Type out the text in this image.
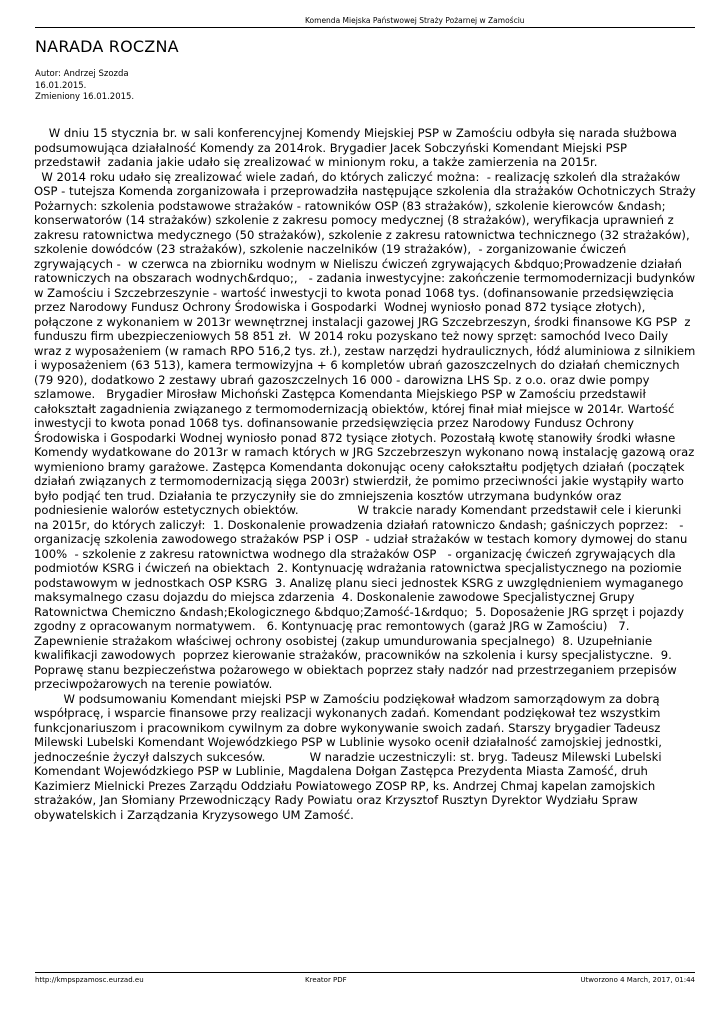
Komenda Miejska Państwowej Straży Pożarnej w Zamościu
NARADA ROCZNA
Autor: Andrzej Szozda
16.01.2015.
Zmieniony 16.01.2015.

W dniu 15 stycznia br. w sali konferencyjnej Komendy Miejskiej PSP w Zamościu odbyła się narada służbowa podsumowująca działalność Komendy za 2014rok. Brygadier Jacek Sobczyński Komendant Miejski PSP przedstawił  zadania jakie udało się zrealizować w minionym roku, a także zamierzenia na 2015r.

W 2014 roku udało się zrealizować wiele zadań, do których zaliczyć można:  - realizację szkoleń dla strażaków OSP - tutejsza Komenda zorganizowała i przeprowadziła następujące szkolenia dla strażaków Ochotniczych Straży Pożarnych: szkolenia podstawowe strażaków - ratowników OSP (83 strażaków), szkolenie kierowców &ndash; konserwatorów (14 strażaków) szkolenie z zakresu pomocy medycznej (8 strażaków), weryfikacja uprawnień z zakresu ratownictwa medycznego (50 strażaków), szkolenie z zakresu ratownictwa technicznego (32 strażaków), szkolenie dowódców (23 strażaków), szkolenie naczelników (19 strażaków),  - zorganizowanie ćwiczeń zgrywających -  w czerwca na zbiorniku wodnym w Nieliszu ćwiczeń zgrywających &bdquo;Prowadzenie działań ratowniczych na obszarach wodnych&rdquo;,   - zadania inwestycyjne: zakończenie termomodernizacji budynków w Zamościu i Szczebrzeszynie - wartość inwestycji to kwota ponad 1068 tys. (dofinansowanie przedsięwzięcia przez Narodowy Fundusz Ochrony Środowiska i Gospodarki  Wodnej wyniosło ponad 872 tysiące złotych), połączone z wykonaniem w 2013r wewnętrznej instalacji gazowej JRG Szczebrzeszyn, środki finansowe KG PSP  z funduszu firm ubezpieczeniowych 58 851 zł.  W 2014 roku pozyskano też nowy sprzęt: samochód Iveco Daily wraz z wyposażeniem (w ramach RPO 516,2 tys. zł.), zestaw narzędzi hydraulicznych, łódź aluminiowa z silnikiem i wyposażeniem (63 513), kamera termowizyjna + 6 kompletów ubrań gazoszczelnych do działań chemicznych (79 920), dodatkowo 2 zestawy ubrań gazoszczelnych 16 000 - darowizna LHS Sp. z o.o. oraz dwie pompy szlamowe.   Brygadier Mirosław Michoński Zastępca Komendanta Miejskiego PSP w Zamościu przedstawił całokształt zagadnienia związanego z termomodernizacją obiektów, której finał miał miejsce w 2014r. Wartość inwestycji to kwota ponad 1068 tys. dofinansowanie przedsięwzięcia przez Narodowy Fundusz Ochrony Środowiska i Gospodarki Wodnej wyniosło ponad 872 tysiące złotych. Pozostałą kwotę stanowiły środki własne Komendy wydatkowane do 2013r w ramach których w JRG Szczebrzeszyn wykonano nową instalację gazową oraz wymieniono bramy garażowe. Zastępca Komendanta dokonując oceny całokształtu podjętych działań (początek działań związanych z termomodernizacją sięga 2003r) stwierdził, że pomimo przeciwności jakie wystąpiły warto było podjąć ten trud. Działania te przyczyniły sie do zmniejszenia kosztów utrzymana budynków oraz podniesienie walorów estetycznych obiektów.                W trakcie narady Komendant przedstawił cele i kierunki na 2015r, do których zaliczył:  1. Doskonalenie prowadzenia działań ratowniczo &ndash; gaśniczych poprzez:   - organizację szkolenia zawodowego strażaków PSP i OSP  - udział strażaków w testach komory dymowej do stanu 100%  - szkolenie z zakresu ratownictwa wodnego dla strażaków OSP   - organizację ćwiczeń zgrywających dla podmiotów KSRG i ćwiczeń na obiektach  2. Kontynuację wdrażania ratownictwa specjalistycznego na poziomie podstawowym w jednostkach OSP KSRG  3. Analizę planu sieci jednostek KSRG z uwzględnieniem wymaganego maksymalnego czasu dojazdu do miejsca zdarzenia  4. Doskonalenie zawodowe Specjalistycznej Grupy Ratownictwa Chemiczno &ndash;Ekologicznego &bdquo;Zamość-1&rdquo;  5. Doposażenie JRG sprzęt i pojazdy zgodny z opracowanym normatywem.   6. Kontynuację prac remontowych (garaż JRG w Zamościu)   7. Zapewnienie strażakom właściwej ochrony osobistej (zakup umundurowania specjalnego)  8. Uzupełnianie kwalifikacji zawodowych  poprzez kierowanie strażaków, pracowników na szkolenia i kursy specjalistyczne.  9. Poprawę stanu bezpieczeństwa pożarowego w obiektach poprzez stały nadzór nad przestrzeganiem przepisów przeciwpożarowych na terenie powiatów.

W podsumowaniu Komendant miejski PSP w Zamościu podziękował władzom samorządowym za dobrą współpracę, i wsparcie finansowe przy realizacji wykonanych zadań. Komendant podziękował tez wszystkim funkcjonariuszom i pracownikom cywilnym za dobre wykonywanie swoich zadań. Starszy brygadier Tadeusz Milewski Lubelski Komendant Wojewódzkiego PSP w Lublinie wysoko ocenił działalność zamojskiej jednostki, jednocześnie życzył dalszych sukcesów.            W naradzie uczestniczyli: st. bryg. Tadeusz Milewski Lubelski Komendant Wojewódzkiego PSP w Lublinie, Magdalena Dołgan Zastępca Prezydenta Miasta Zamość, druh Kazimierz Mielnicki Prezes Zarządu Oddziału Powiatowego ZOSP RP, ks. Andrzej Chmaj kapelan zamojskich strażaków, Jan Słomiany Przewodniczący Rady Powiatu oraz Krzysztof Rusztyn Dyrektor Wydziału Spraw obywatelskich i Zarządzania Kryzysowego UM Zamość.

http://kmpspzamosc.eurzad.eu	Kreator PDF	Utworzono 4 March, 2017, 01:44
